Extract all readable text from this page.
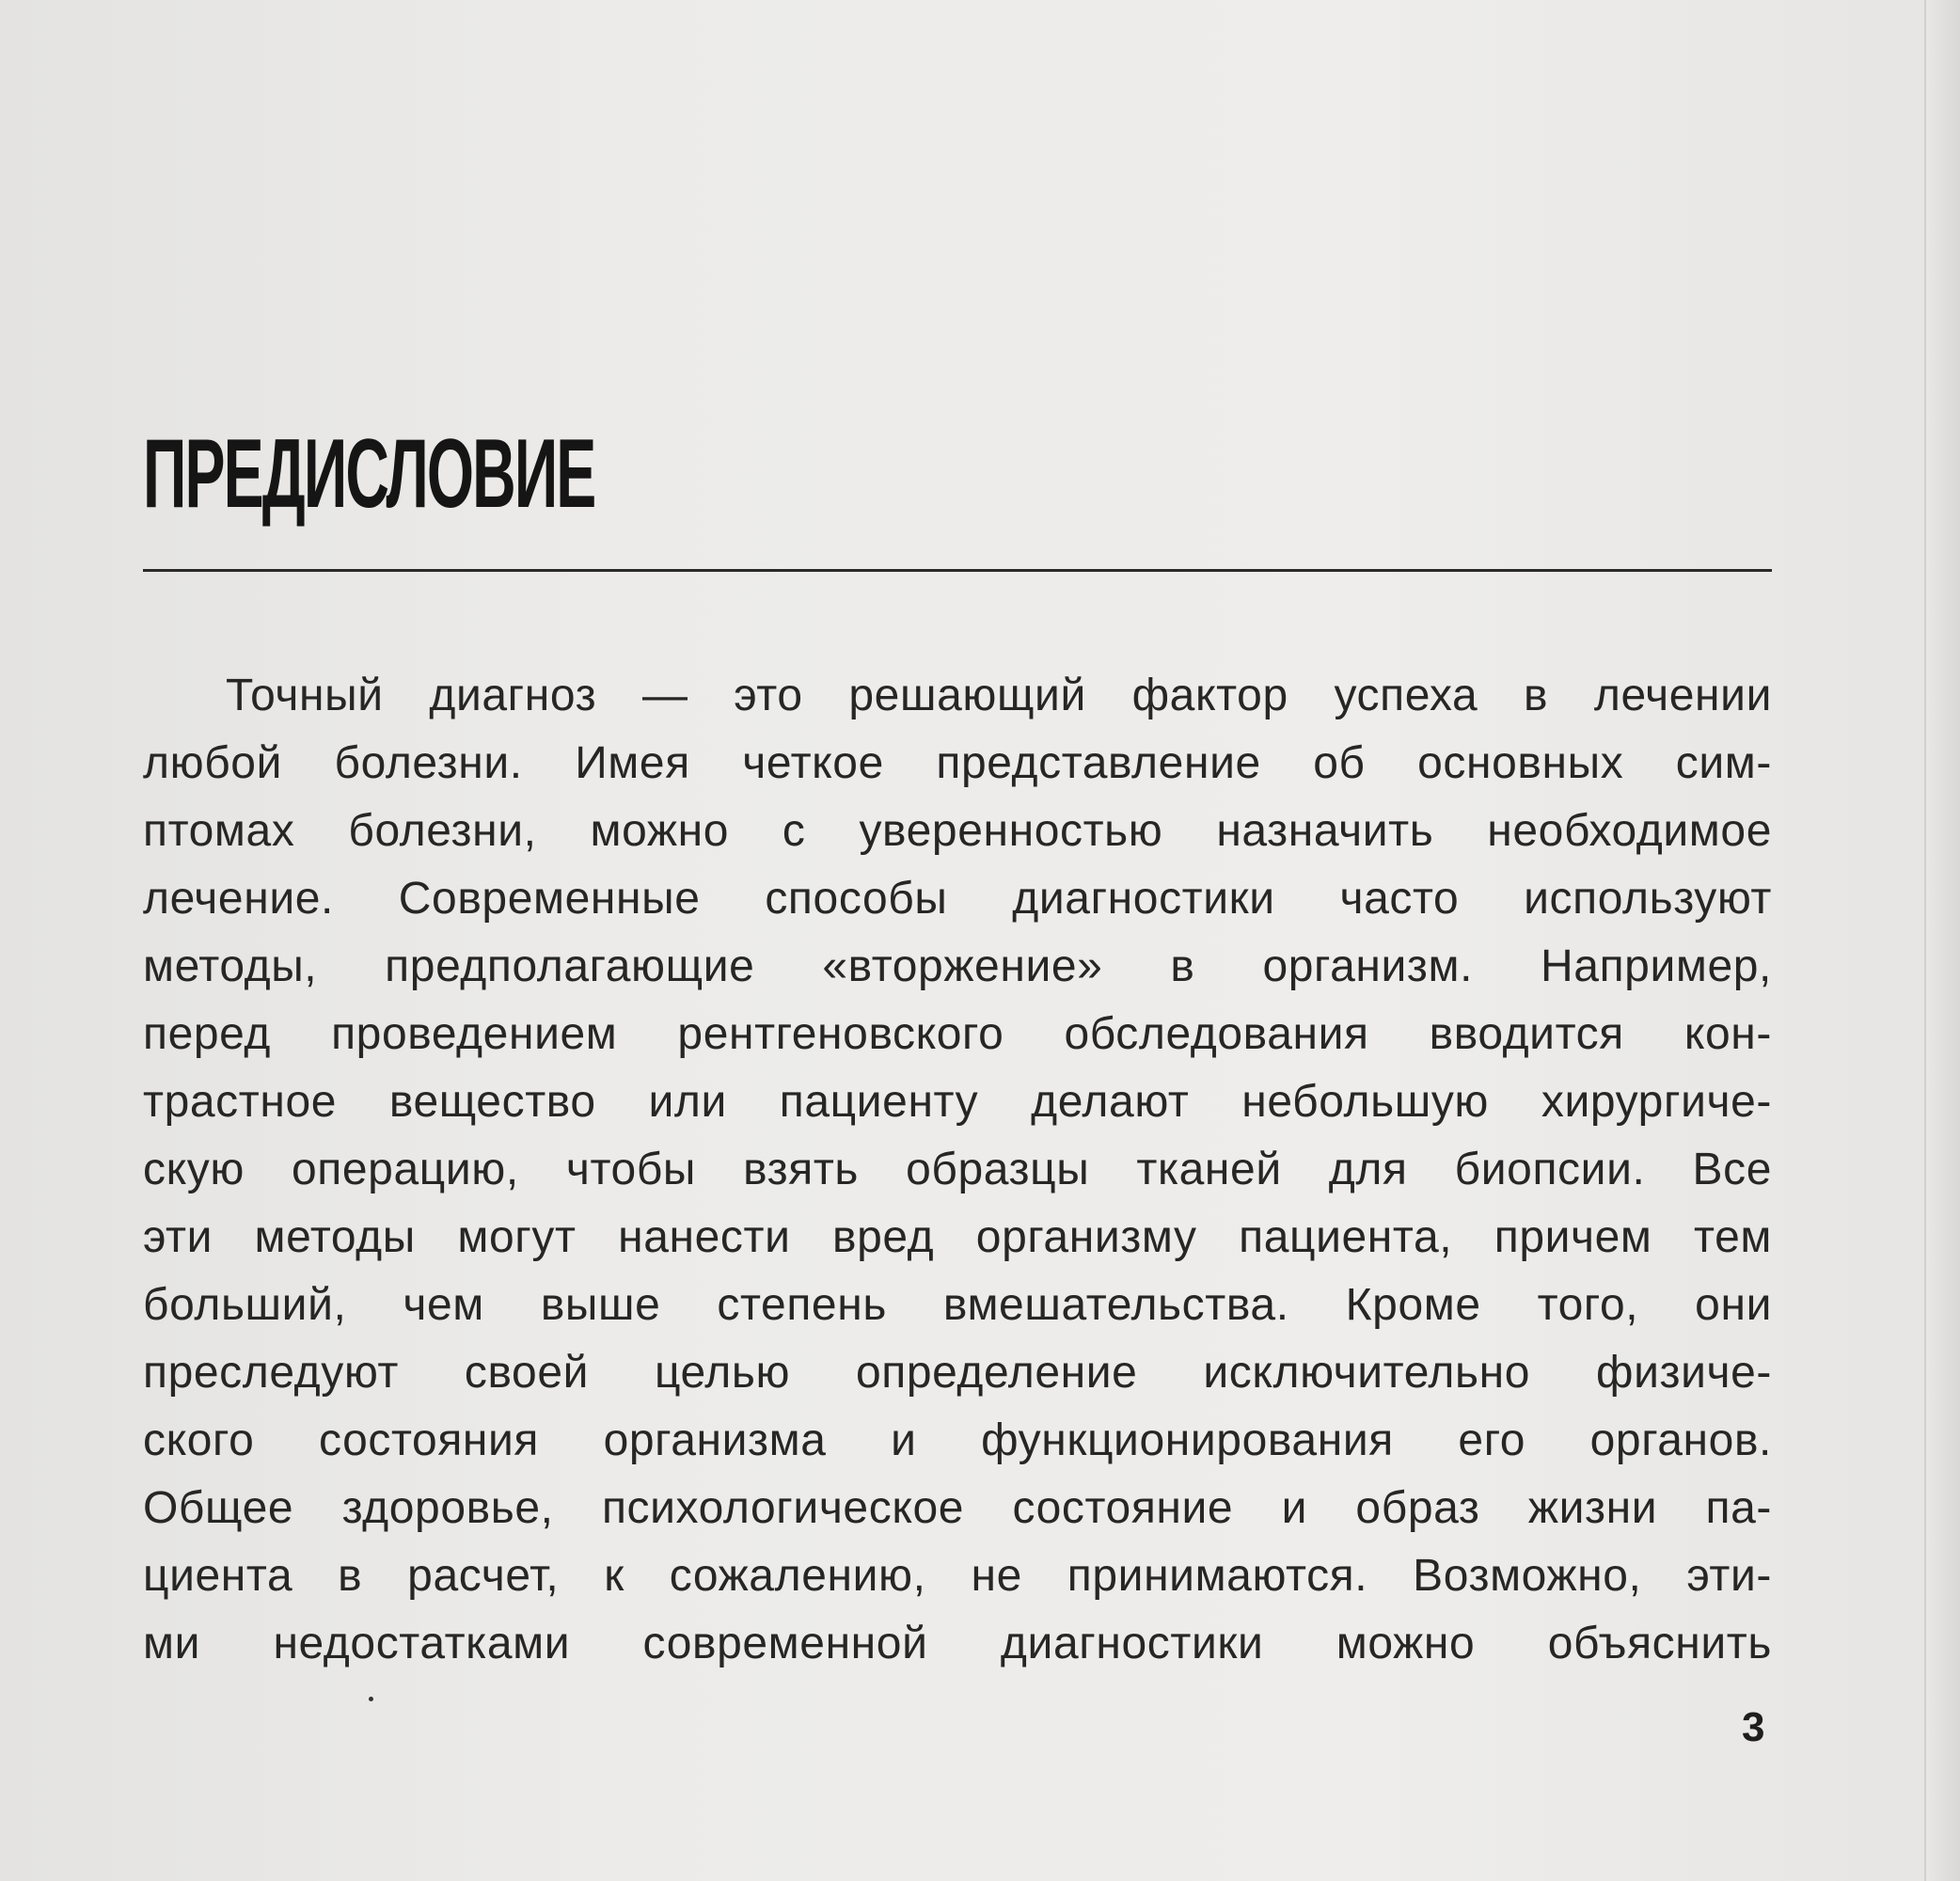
ПРЕДИСЛОВИЕ
Точный диагноз — это решающий фактор успеха в лечении
любой болезни. Имея четкое представление об основных сим-
птомах болезни, можно с уверенностью назначить необходимое
лечение. Современные способы диагностики часто используют
методы, предполагающие «вторжение» в организм. Например,
перед проведением рентгеновского обследования вводится кон-
трастное вещество или пациенту делают небольшую хирургиче-
скую операцию, чтобы взять образцы тканей для биопсии. Все
эти методы могут нанести вред организму пациента, причем тем
больший, чем выше степень вмешательства. Кроме того, они
преследуют своей целью определение исключительно физиче-
ского состояния организма и функционирования его органов.
Общее здоровье, психологическое состояние и образ жизни па-
циента в расчет, к сожалению, не принимаются. Возможно, эти-
ми недостатками современной диагностики можно объяснить
3
